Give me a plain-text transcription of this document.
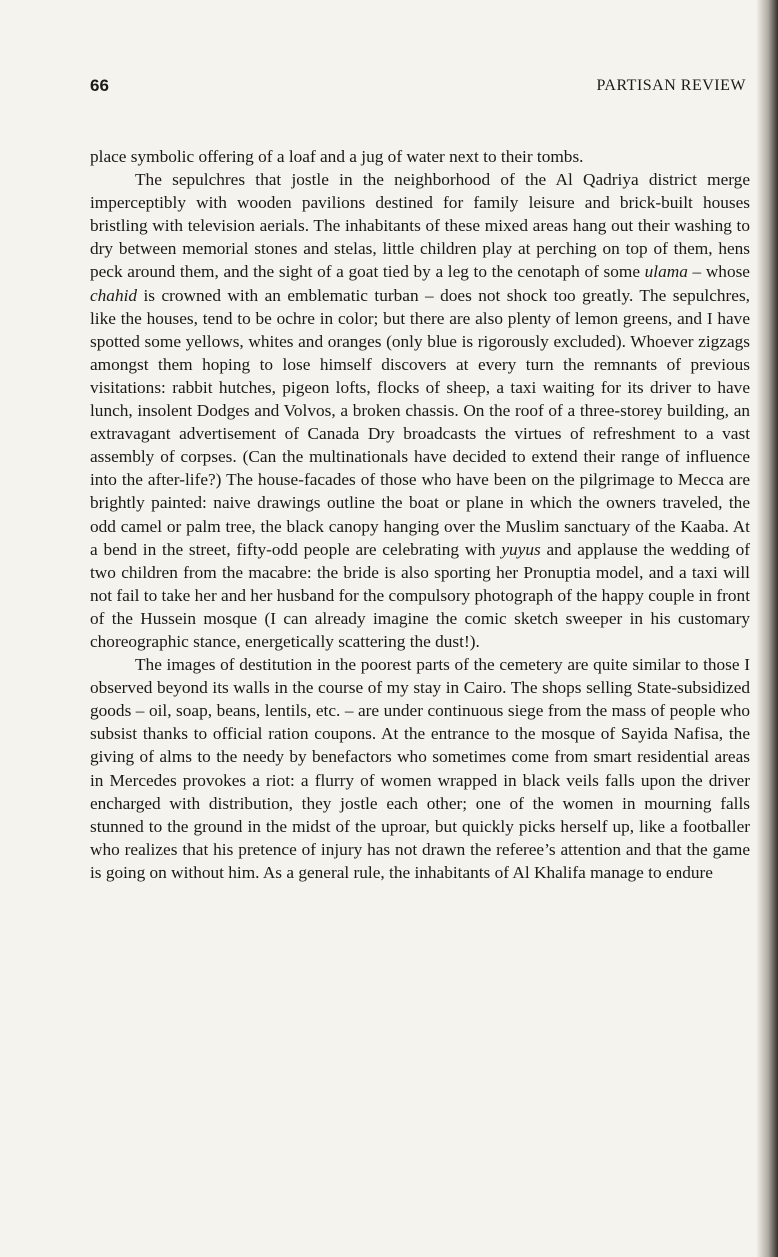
66	PARTISAN REVIEW

place symbolic offering of a loaf and a jug of water next to their tombs.

The sepulchres that jostle in the neighborhood of the Al Qadriya district merge imperceptibly with wooden pavilions destined for family leisure and brick-built houses bristling with television aerials. The inhabitants of these mixed areas hang out their washing to dry between memorial stones and stelas, little children play at perching on top of them, hens peck around them, and the sight of a goat tied by a leg to the cenotaph of some ulama – whose chahid is crowned with an emblematic turban – does not shock too greatly. The sepulchres, like the houses, tend to be ochre in color; but there are also plenty of lemon greens, and I have spotted some yellows, whites and oranges (only blue is rigorously excluded). Whoever zigzags amongst them hoping to lose himself discovers at every turn the remnants of previous visitations: rabbit hutches, pigeon lofts, flocks of sheep, a taxi waiting for its driver to have lunch, insolent Dodges and Volvos, a broken chassis. On the roof of a three-storey building, an extravagant advertisement of Canada Dry broadcasts the virtues of refreshment to a vast assembly of corpses. (Can the multinationals have decided to extend their range of influence into the after-life?) The house-facades of those who have been on the pilgrimage to Mecca are brightly painted: naive drawings outline the boat or plane in which the owners traveled, the odd camel or palm tree, the black canopy hanging over the Muslim sanctuary of the Kaaba. At a bend in the street, fifty-odd people are celebrating with yuyus and applause the wedding of two children from the macabre: the bride is also sporting her Pronuptia model, and a taxi will not fail to take her and her husband for the compulsory photograph of the happy couple in front of the Hussein mosque (I can already imagine the comic sketch sweeper in his customary choreographic stance, energetically scattering the dust!).

The images of destitution in the poorest parts of the cemetery are quite similar to those I observed beyond its walls in the course of my stay in Cairo. The shops selling State-subsidized goods – oil, soap, beans, lentils, etc. – are under continuous siege from the mass of people who subsist thanks to official ration coupons. At the entrance to the mosque of Sayida Nafisa, the giving of alms to the needy by benefactors who sometimes come from smart residential areas in Mercedes provokes a riot: a flurry of women wrapped in black veils falls upon the driver encharged with distribution, they jostle each other; one of the women in mourning falls stunned to the ground in the midst of the uproar, but quickly picks herself up, like a footballer who realizes that his pretence of injury has not drawn the referee’s attention and that the game is going on without him. As a general rule, the inhabitants of Al Khalifa manage to endure
